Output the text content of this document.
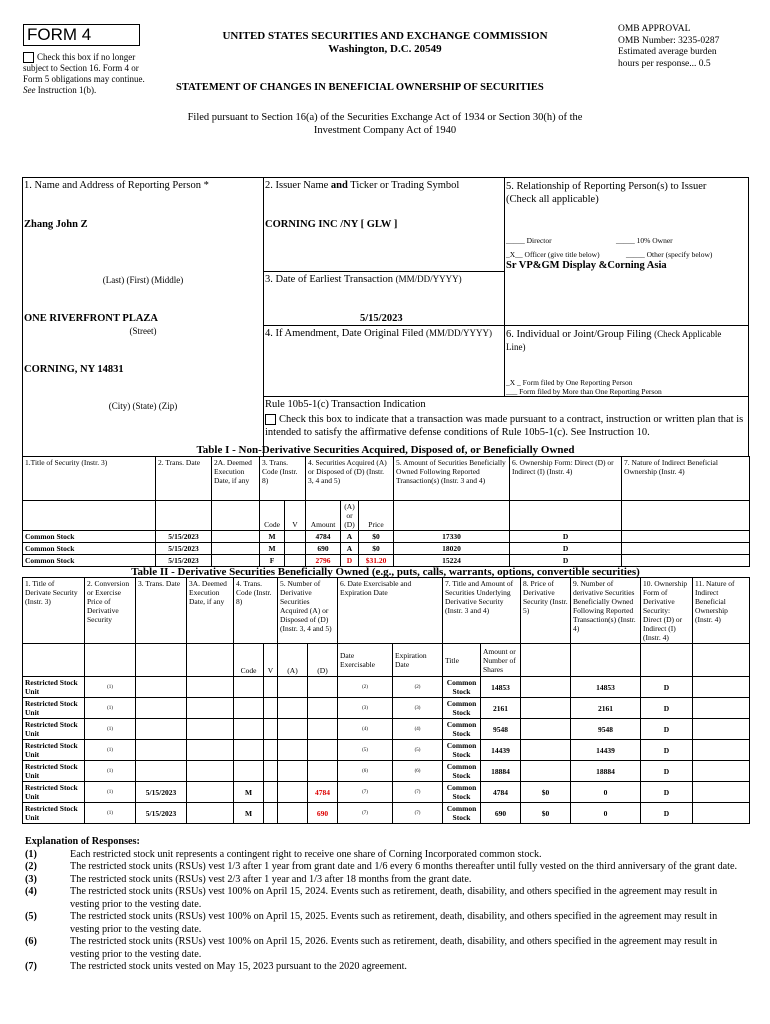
FORM 4
Check this box if no longer subject to Section 16. Form 4 or Form 5 obligations may continue. See Instruction 1(b).
UNITED STATES SECURITIES AND EXCHANGE COMMISSION
Washington, D.C. 20549
OMB APPROVAL
OMB Number: 3235-0287
Estimated average burden
hours per response... 0.5
STATEMENT OF CHANGES IN BENEFICIAL OWNERSHIP OF SECURITIES
Filed pursuant to Section 16(a) of the Securities Exchange Act of 1934 or Section 30(h) of the
Investment Company Act of 1940
1. Name and Address of Reporting Person *
Zhang John Z
(Last) (First) (Middle)
ONE RIVERFRONT PLAZA
(Street)
CORNING, NY 14831
(City) (State) (Zip)
2. Issuer Name and Ticker or Trading Symbol
CORNING INC /NY [ GLW ]
3. Date of Earliest Transaction (MM/DD/YYYY)
5/15/2023
4. If Amendment, Date Original Filed (MM/DD/YYYY)
5. Relationship of Reporting Person(s) to Issuer
(Check all applicable)
_____ Director	_____ 10% Owner
_X__ Officer (give title below)	_____ Other (specify below)
Sr VP&GM Display &Corning Asia
6. Individual or Joint/Group Filing (Check Applicable
Line)
_X _ Form filed by One Reporting Person
___ Form filed by More than One Reporting Person
Rule 10b5-1(c) Transaction Indication
Check this box to indicate that a transaction was made pursuant to a contract, instruction or written plan that is intended to satisfy the affirmative defense conditions of Rule 10b5-1(c). See Instruction 10.
Table I - Non-Derivative Securities Acquired, Disposed of, or Beneficially Owned
1.Title of Security (Instr. 3)	2. Trans. Date	2A. Deemed Execution Date, if any	3. Trans. Code (Instr. 8)		4. Securities Acquired (A) or Disposed of (D) (Instr. 3, 4 and 5)			5. Amount of Securities Beneficially Owned Following Reported Transaction(s) (Instr. 3 and 4)	6. Ownership Form: Direct (D) or Indirect (I) (Instr. 4)	7. Nature of Indirect Beneficial Ownership (Instr. 4)
			Code	V	Amount	(A) or (D)	Price			
Common Stock	5/15/2023		M		4784	A	$0	17330	D	
Common Stock	5/15/2023		M		690	A	$0	18020	D	
Common Stock	5/15/2023		F		2796	D	$31.20	15224	D	
Table II - Derivative Securities Beneficially Owned (e.g., puts, calls, warrants, options, convertible securities)
1. Title of Derivate Security (Instr. 3)	2. Conversion or Exercise Price of Derivative Security	3. Trans. Date	3A. Deemed Execution Date, if any	4. Trans. Code (Instr. 8)		5. Number of Derivative Securities Acquired (A) or Disposed of (D) (Instr. 3, 4 and 5)		6. Date Exercisable and Expiration Date		7. Title and Amount of Securities Underlying Derivative Security (Instr. 3 and 4)		8. Price of Derivative Security (Instr. 5)	9. Number of derivative Securities Beneficially Owned Following Reported Transaction(s) (Instr. 4)	10. Ownership Form of Derivative Security: Direct (D) or Indirect (I) (Instr. 4)	11. Nature of Indirect Beneficial Ownership (Instr. 4)
				Code	V	(A)	(D)	Date Exercisable	Expiration Date	Title	Amount or Number of Shares				
Restricted Stock Unit	(1)							(2)	(2)	Common Stock	14853		14853	D	
Restricted Stock Unit	(1)							(3)	(3)	Common Stock	2161		2161	D	
Restricted Stock Unit	(1)							(4)	(4)	Common Stock	9548		9548	D	
Restricted Stock Unit	(1)							(5)	(5)	Common Stock	14439		14439	D	
Restricted Stock Unit	(1)							(6)	(6)	Common Stock	18884		18884	D	
Restricted Stock Unit	(1)	5/15/2023		M			4784	(7)	(7)	Common Stock	4784	$0	0	D	
Restricted Stock Unit	(1)	5/15/2023		M			690	(7)	(7)	Common Stock	690	$0	0	D	
Explanation of Responses:
(1)	Each restricted stock unit represents a contingent right to receive one share of Corning Incorporated common stock.
(2)	The restricted stock units (RSUs) vest 1/3 after 1 year from grant date and 1/6 every 6 months thereafter until fully vested on the third anniversary of the grant date.
(3)	The restricted stock units (RSUs) vest 2/3 after 1 year and 1/3 after 18 months from the grant date.
(4)	The restricted stock units (RSUs) vest 100% on April 15, 2024. Events such as retirement, death, disability, and others specified in the agreement may result in vesting prior to the vesting date.
(5)	The restricted stock units (RSUs) vest 100% on April 15, 2025. Events such as retirement, death, disability, and others specified in the agreement may result in vesting prior to the vesting date.
(6)	The restricted stock units (RSUs) vest 100% on April 15, 2026. Events such as retirement, death, disability, and others specified in the agreement may result in vesting prior to the vesting date.
(7)	The restricted stock units vested on May 15, 2023 pursuant to the 2020 agreement.
